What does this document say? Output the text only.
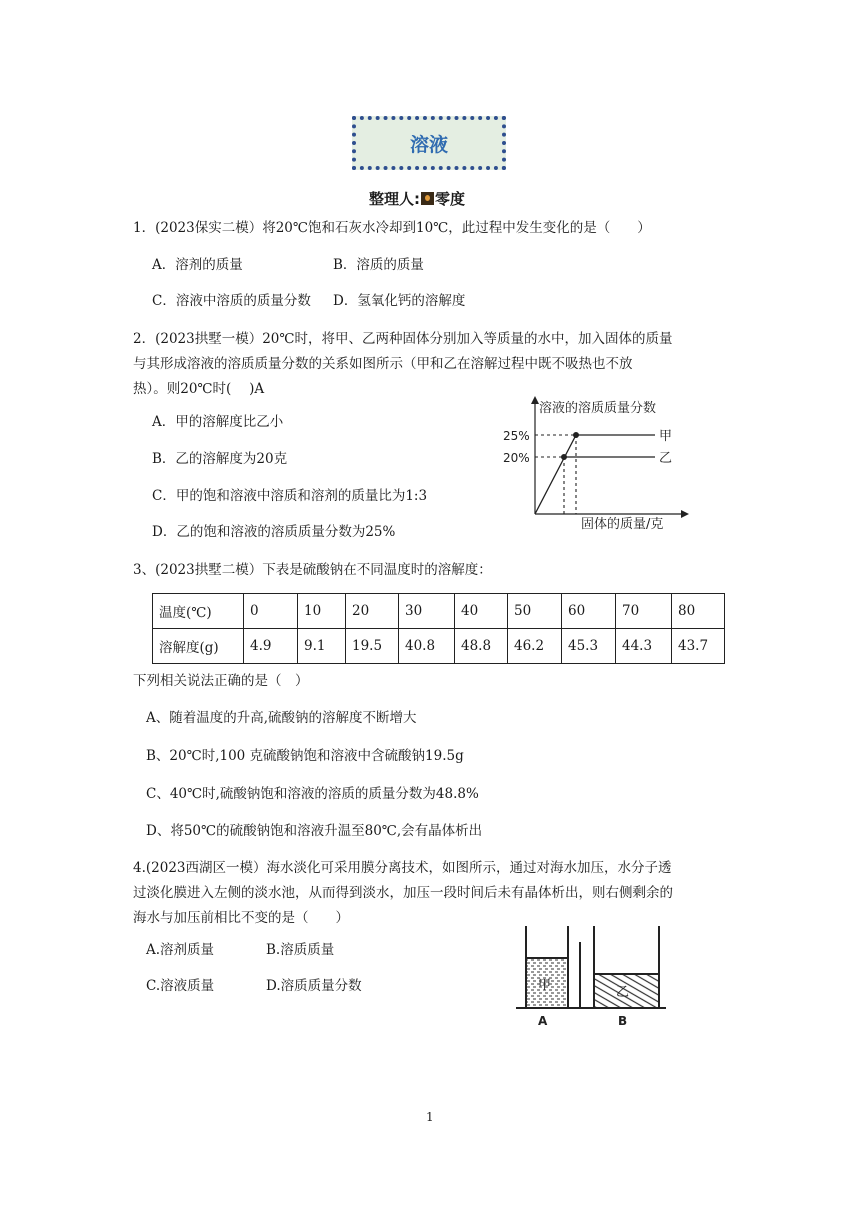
溶液
整理人: 零度
1．(2023保实二模）将20℃饱和石灰水冷却到10℃，此过程中发生变化的是（　　）
A．溶剂的质量	B．溶质的质量
C．溶液中溶质的质量分数 D．氢氧化钙的溶解度
2．(2023拱墅一模）20℃时，将甲、乙两种固体分别加入等质量的水中，加入固体的质量
与其形成溶液的溶质质量分数的关系如图所示（甲和乙在溶解过程中既不吸热也不放
热）。则20℃时(　 )A
A．甲的溶解度比乙小
B．乙的溶解度为20克
C．甲的饱和溶液中溶质和溶剂的质量比为1:3
D．乙的饱和溶液的溶质质量分数为25%
溶液的溶质质量分数
固体的质量/克
25%
20%
甲
乙
3、(2023拱墅二模）下表是硫酸钠在不同温度时的溶解度：
温度(℃)	0	10	20	30	40	50	60	70	80
溶解度(g)	4.9	9.1	19.5	40.8	48.8	46.2	45.3	44.3	43.7
下列相关说法正确的是（　）
A、随着温度的升高,硫酸钠的溶解度不断增大
B、20℃时,100 克硫酸钠饱和溶液中含硫酸钠19.5g
C、40℃时,硫酸钠饱和溶液的溶质的质量分数为48.8%
D、将50℃的硫酸钠饱和溶液升温至80℃,会有晶体析出
4.(2023西湖区一模）海水淡化可采用膜分离技术，如图所示，通过对海水加压，水分子透
过淡化膜进入左侧的淡水池，从而得到淡水，加压一段时间后未有晶体析出，则右侧剩余的
海水与加压前相比不变的是（　　）
A.溶剂质量	B.溶质质量
C.溶液质量	D.溶质质量分数	甲	乙
A	B
1
